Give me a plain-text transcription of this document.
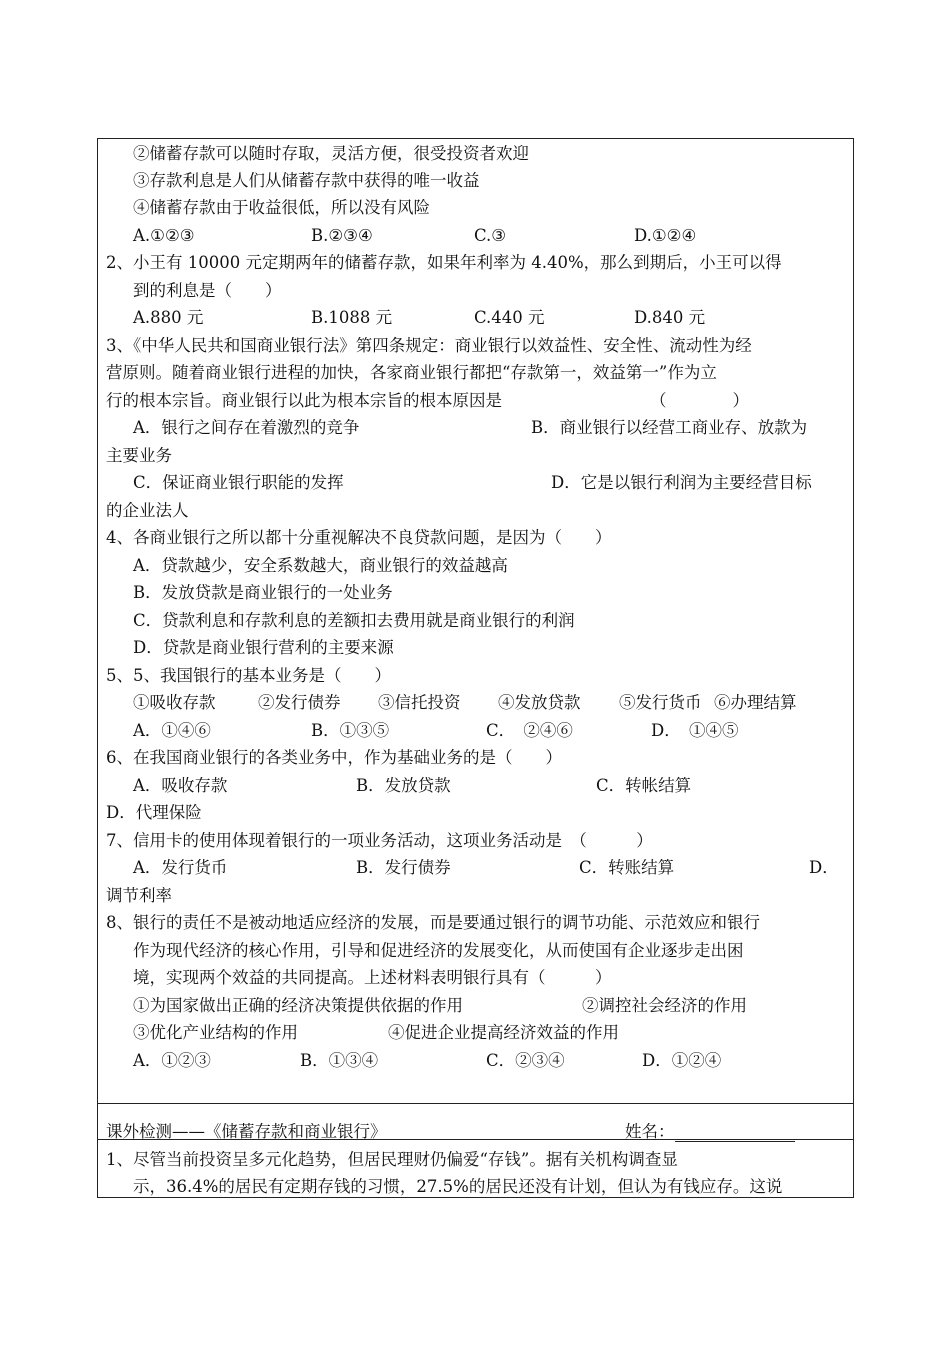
②储蓄存款可以随时存取，灵活方便，很受投资者欢迎
③存款利息是人们从储蓄存款中获得的唯一收益
④储蓄存款由于收益很低，所以没有风险
A.①②③	B.②③④	C.③	D.①②④
2、小王有 10000 元定期两年的储蓄存款，如果年利率为 4.40%，那么到期后，小王可以得
到的利息是（　　）
A.880 元	B.1088 元	C.440 元	D.840 元
3、《中华人民共和国商业银行法》第四条规定：商业银行以效益性、安全性、流动性为经
营原则。随着商业银行进程的加快，各家商业银行都把“存款第一，效益第一”作为立
行的根本宗旨。商业银行以此为根本宗旨的根本原因是	（　　　　）
A．银行之间存在着激烈的竞争	B．商业银行以经营工商业存、放款为
主要业务
C．保证商业银行职能的发挥	D．它是以银行利润为主要经营目标
的企业法人
4、各商业银行之所以都十分重视解决不良贷款问题，是因为（　　）
A．贷款越少，安全系数越大，商业银行的效益越高
B．发放贷款是商业银行的一处业务
C．贷款利息和存款利息的差额扣去费用就是商业银行的利润
D．贷款是商业银行营利的主要来源
5、5、我国银行的基本业务是（　　）
①吸收存款	②发行债券 ③信托投资 ④发放贷款 ⑤发行货币 ⑥办理结算
A．①④⑥	B．①③⑤	C．　②④⑥	D．　①④⑤
6、在我国商业银行的各类业务中，作为基础业务的是（　　）
A．吸收存款	B．发放贷款	C．转帐结算
D．代理保险
7、信用卡的使用体现着银行的一项业务活动，这项业务活动是　（　　　）
A．发行货币	B．发行债券	C．转账结算	D．
调节利率
8、银行的责任不是被动地适应经济的发展，而是要通过银行的调节功能、示范效应和银行
作为现代经济的核心作用，引导和促进经济的发展变化，从而使国有企业逐步走出困
境，实现两个效益的共同提高。上述材料表明银行具有（　　　）
①为国家做出正确的经济决策提供依据的作用	②调控社会经济的作用
③优化产业结构的作用	④促进企业提高经济效益的作用
A．①②③	B．①③④	C．②③④	D．①②④
课外检测——《储蓄存款和商业银行》	姓名：
1、尽管当前投资呈多元化趋势，但居民理财仍偏爱“存钱”。据有关机构调查显
示，36.4%的居民有定期存钱的习惯，27.5%的居民还没有计划，但认为有钱应存。这说
